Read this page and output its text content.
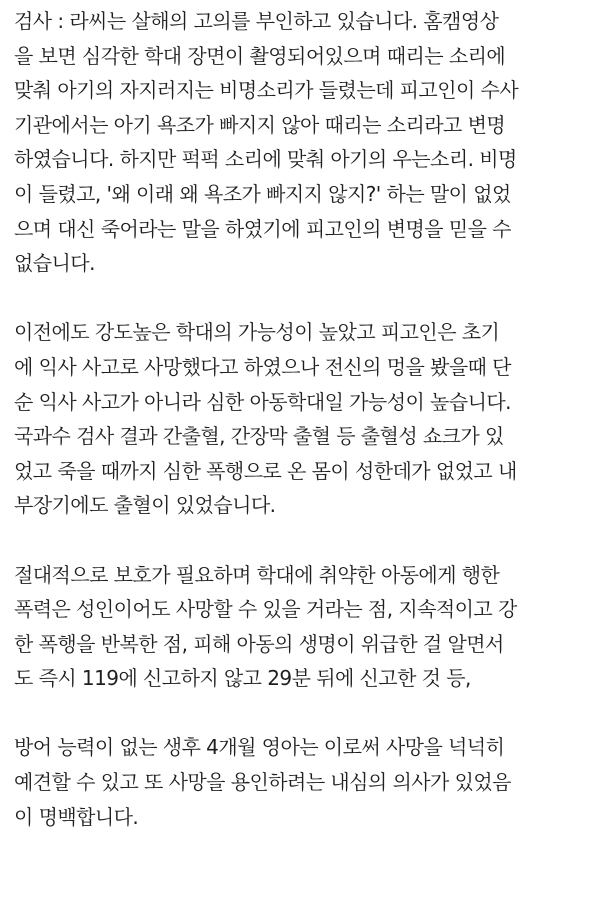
검사 : 라씨는 살해의 고의를 부인하고 있습니다. 홈캠영상
을 보면 심각한 학대 장면이 촬영되어있으며 때리는 소리에
맞춰 아기의 자지러지는 비명소리가 들렸는데 피고인이 수사
기관에서는 아기 욕조가 빠지지 않아 때리는 소리라고 변명
하였습니다. 하지만 퍽퍽 소리에 맞춰 아기의 우는소리. 비명
이 들렸고, '왜 이래 왜 욕조가 빠지지 않지?' 하는 말이 없었
으며 대신 죽어라는 말을 하였기에 피고인의 변명을 믿을 수
없습니다.
이전에도 강도높은 학대의 가능성이 높았고 피고인은 초기
에 익사 사고로 사망했다고 하였으나 전신의 멍을 봤을때 단
순 익사 사고가 아니라 심한 아동학대일 가능성이 높습니다.
국과수 검사 결과 간출혈, 간장막 출혈 등 출혈성 쇼크가 있
었고 죽을 때까지 심한 폭행으로 온 몸이 성한데가 없었고 내
부장기에도 출혈이 있었습니다.
절대적으로 보호가 필요하며 학대에 취약한 아동에게 행한
폭력은 성인이어도 사망할 수 있을 거라는 점, 지속적이고 강
한 폭행을 반복한 점, 피해 아동의 생명이 위급한 걸 알면서
도 즉시 119에 신고하지 않고 29분 뒤에 신고한 것 등,
방어 능력이 없는 생후 4개월 영아는 이로써 사망을 넉넉히
예견할 수 있고 또 사망을 용인하려는 내심의 의사가 있었음
이 명백합니다.
